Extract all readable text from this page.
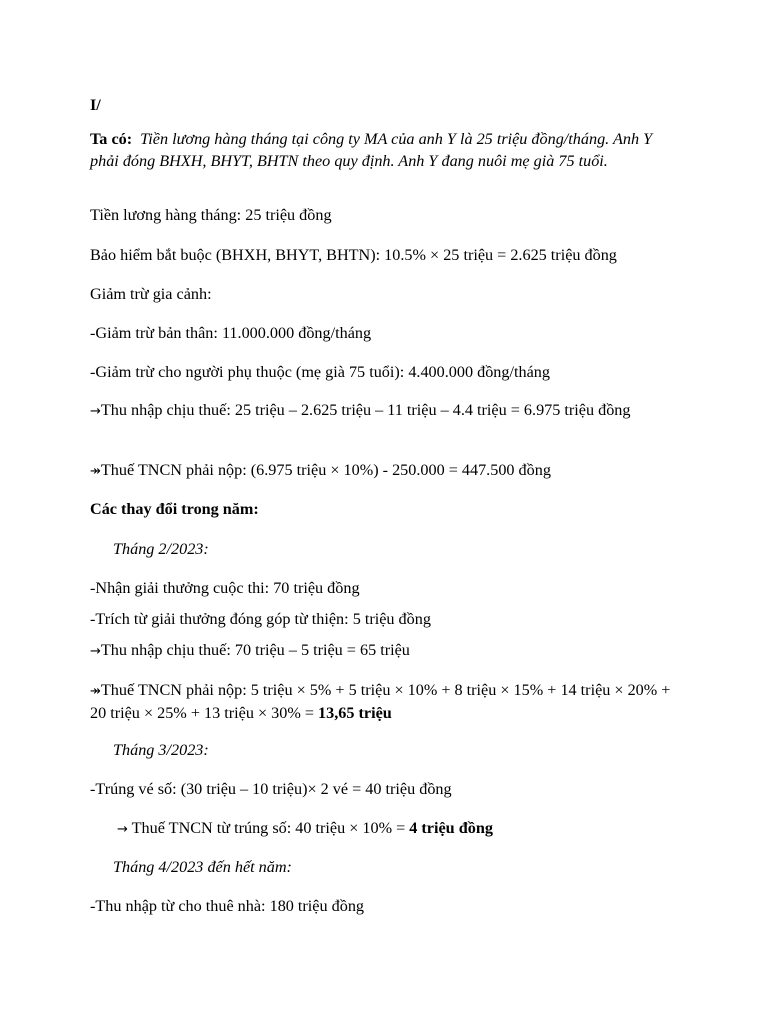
I/
Ta có: Tiền lương hàng tháng tại công ty MA của anh Y là 25 triệu đồng/tháng. Anh Y phải đóng BHXH, BHYT, BHTN theo quy định. Anh Y đang nuôi mẹ già 75 tuổi.
Tiền lương hàng tháng: 25 triệu đồng
Bảo hiểm bắt buộc (BHXH, BHYT, BHTN): 10.5% × 25 triệu = 2.625 triệu đồng
Giảm trừ gia cảnh:
-Giảm trừ bản thân: 11.000.000 đồng/tháng
-Giảm trừ cho người phụ thuộc (mẹ già 75 tuổi): 4.400.000 đồng/tháng
→Thu nhập chịu thuế: 25 triệu – 2.625 triệu – 11 triệu – 4.4 triệu = 6.975 triệu đồng
↠Thuế TNCN phải nộp: (6.975 triệu × 10%) - 250.000 = 447.500 đồng
Các thay đổi trong năm:
Tháng 2/2023:
-Nhận giải thưởng cuộc thi: 70 triệu đồng
-Trích từ giải thưởng đóng góp từ thiện: 5 triệu đồng
→Thu nhập chịu thuế: 70 triệu – 5 triệu = 65 triệu
↠Thuế TNCN phải nộp: 5 triệu × 5% + 5 triệu × 10% + 8 triệu × 15% + 14 triệu × 20% + 20 triệu × 25% + 13 triệu × 30% = 13,65 triệu
Tháng 3/2023:
-Trúng vé số: (30 triệu – 10 triệu)× 2 vé = 40 triệu đồng
→ Thuế TNCN từ trúng số: 40 triệu × 10% = 4 triệu đồng
Tháng 4/2023 đến hết năm:
-Thu nhập từ cho thuê nhà: 180 triệu đồng
